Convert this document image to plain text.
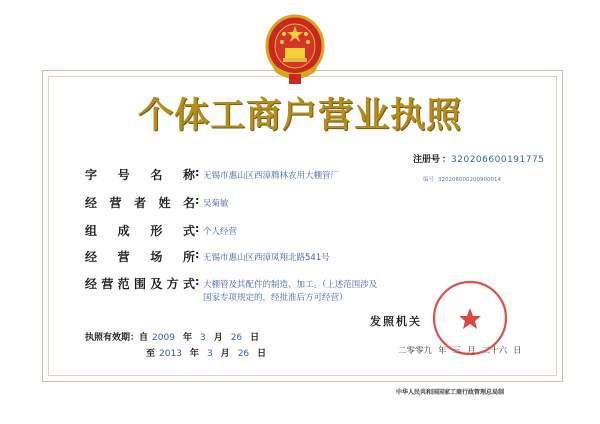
个体工商户营业执照
注册号 ：320206600191775
编号 320206000200900014
字 号 名 称: 无锡市惠山区西漳腾林农用大棚管厂
经营者姓名: 吴菊敏
组 成 形 式: 个人经营
经 营 场 所: 无锡市惠山区西漳凤翔北路541号
经营范围及方式: 大棚管及其配件的制造、加工。（上述范围涉及国家专项规定的，经批准后方可经营）
发照机关
执照有效期：自 2009 年 3 月 26 日
至 2013 年 3 月 26 日	二零零九 年 三 月 二十六 日
中华人民共和国国家工商行政管理总局制
